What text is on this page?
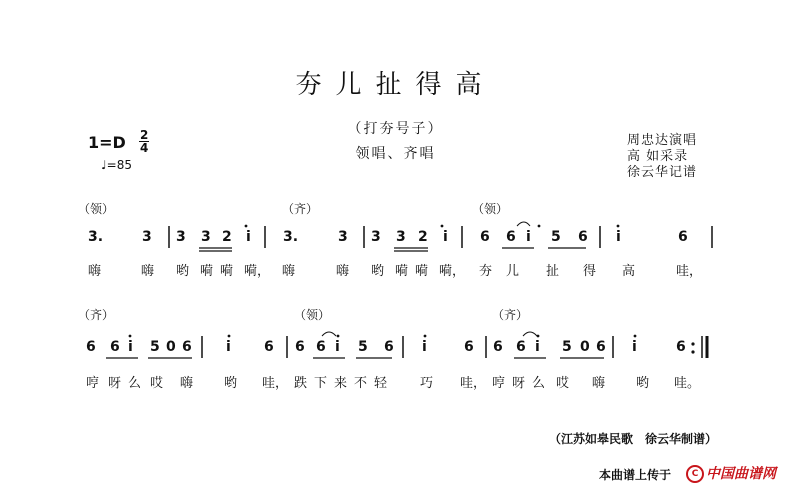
夯儿扯得高
（打夯号子）
领唱、齐唱
1=D 2
4
♩=85
周忠达演唱
高 如采录
徐云华记谱
（领）	（齐）	（领）
3.	3 3 3 2 i 3.	3 3 3 2 i 6 6 i 5 6 i	6
嗨	嗨 哟 嗬 嗬 嗬， 嗨	嗨 哟 嗬 嗬 嗬， 夯 儿 扯 得 高	哇，
（齐）	（领）	（齐）
6 6 i 5 0 6 i 6 6 6 i 5 6 i	6 6 6 i 5 0 6 i	6
哼 呀 么 哎 嗨 哟 哇， 跌 下 来 不 轻	巧 哇， 哼 呀 么 哎 嗨 哟 哇。
（江苏如皋民歌　徐云华制谱）
本曲谱上传于	C 中国曲谱网
